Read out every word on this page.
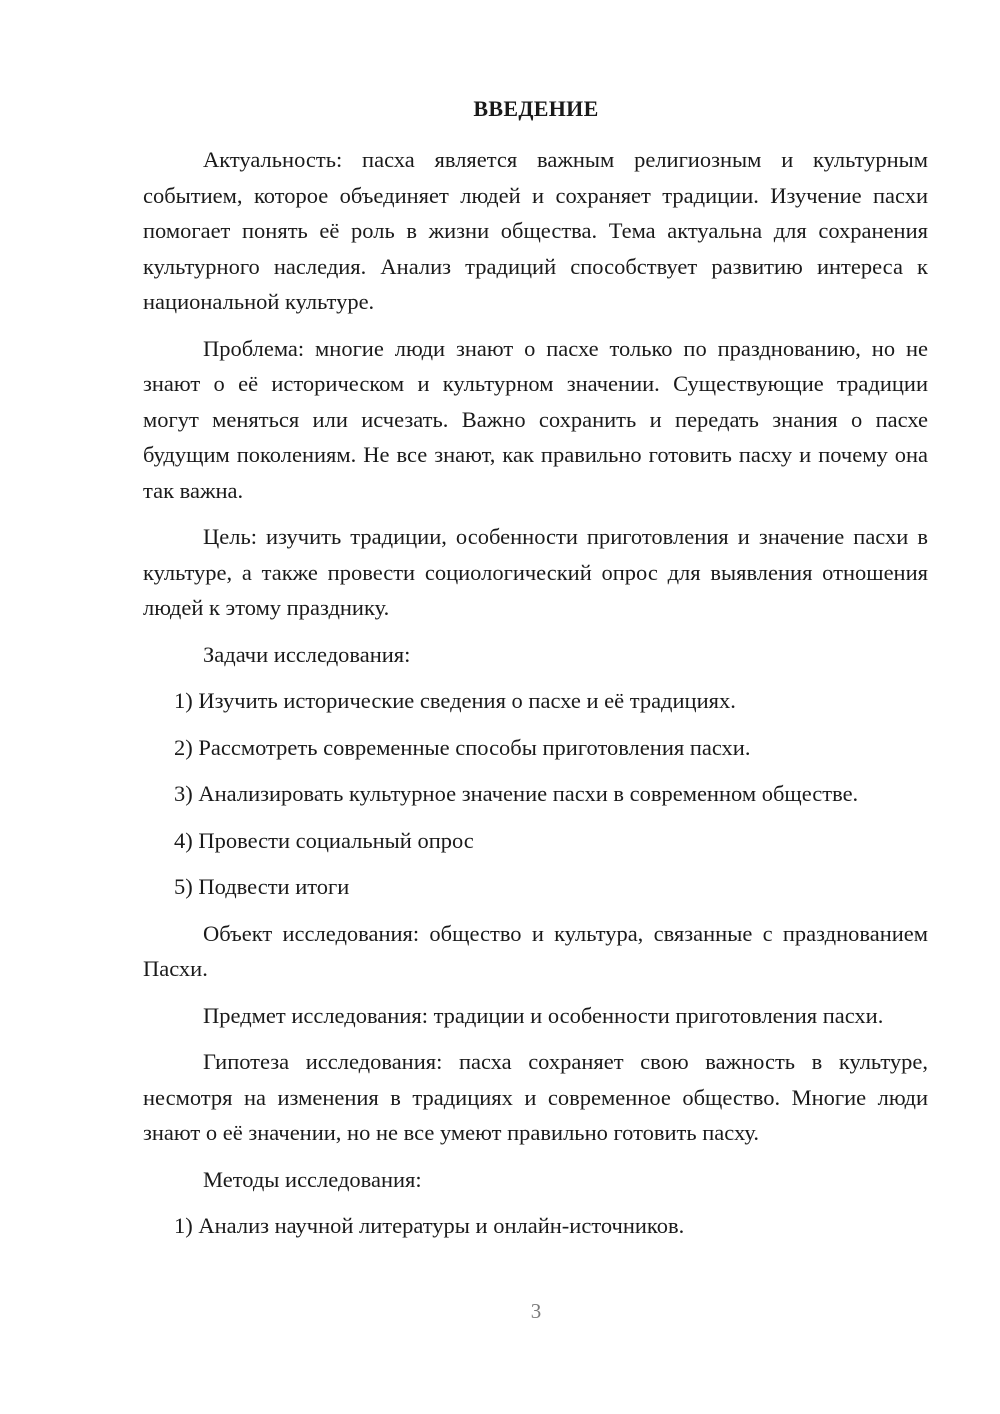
ВВЕДЕНИЕ

Актуальность: пасха является важным религиозным и культурным событием, которое объединяет людей и сохраняет традиции. Изучение пасхи помогает понять её роль в жизни общества. Тема актуальна для сохранения культурного наследия. Анализ традиций способствует развитию интереса к национальной культуре.

Проблема: многие люди знают о пасхе только по празднованию, но не знают о её историческом и культурном значении. Существующие традиции могут меняться или исчезать. Важно сохранить и передать знания о пасхе будущим поколениям. Не все знают, как правильно готовить пасху и почему она так важна.

Цель: изучить традиции, особенности приготовления и значение пасхи в культуре, а также провести социологический опрос для выявления отношения людей к этому празднику.

Задачи исследования:

1) Изучить исторические сведения о пасхе и её традициях.

2) Рассмотреть современные способы приготовления пасхи.

3) Анализировать культурное значение пасхи в современном обществе.

4) Провести социальный опрос

5) Подвести итоги

Объект исследования: общество и культура, связанные с празднованием Пасхи.

Предмет исследования: традиции и особенности приготовления пасхи.

Гипотеза исследования: пасха сохраняет свою важность в культуре, несмотря на изменения в традициях и современное общество. Многие люди знают о её значении, но не все умеют правильно готовить пасху.

Методы исследования:

1) Анализ научной литературы и онлайн-источников.

3
